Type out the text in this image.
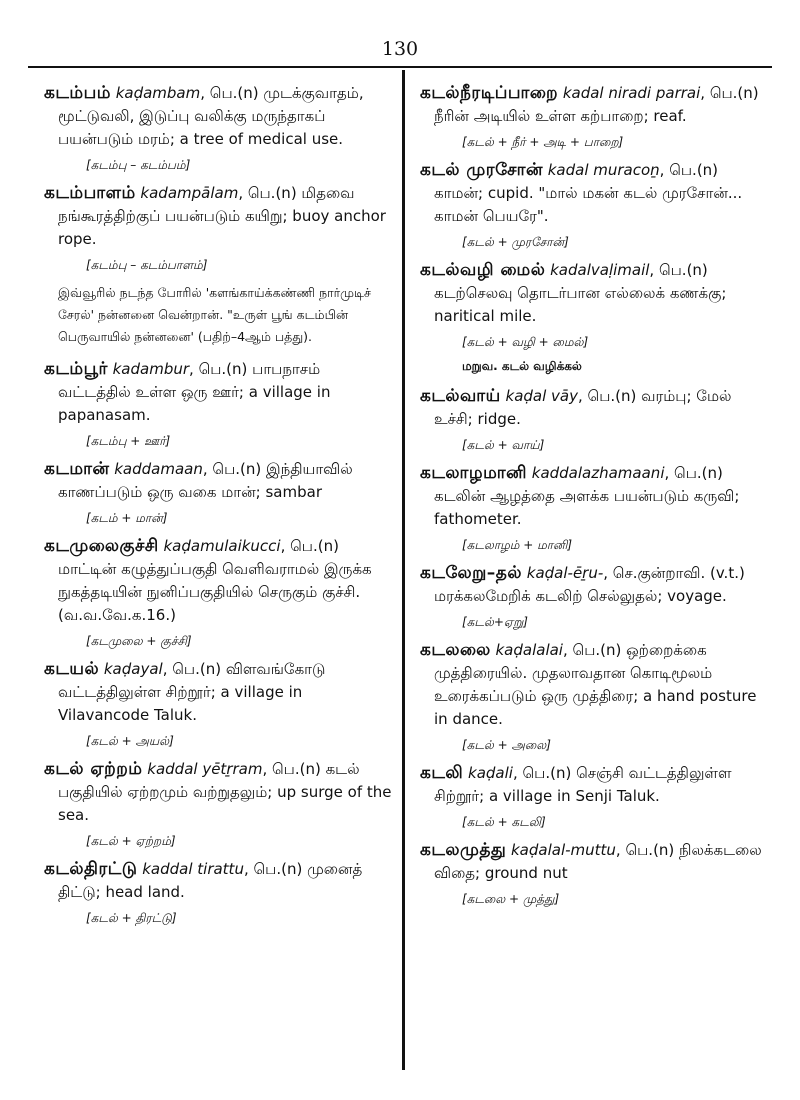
130

கடம்பம் kaḍambam, பெ.(n) முடக்குவாதம்,

மூட்டுவலி, இடுப்பு வலிக்கு மருந்தாகப் பயன்படும் மரம்; a tree of medical use.

[கடம்பு – கடம்பம்]

கடம்பாளம் kadampālam, பெ.(n) மிதவை

நங்கூரத்திற்குப் பயன்படும் கயிறு; buoy anchor rope.

[கடம்பு – கடம்பாளம்]

இவ்வூரில் நடந்த போரில் 'களங்காய்க்கண்ணி நார்முடிச் சேரல்' நன்னனை வென்றான். "உருள் பூங் கடம்பின் பெருவாயில் நன்னனை' (பதிற்–4ஆம் பத்து).

கடம்பூர் kadambur, பெ.(n) பாபநாசம்

வட்டத்தில் உள்ள ஒரு ஊர்; a village in papanasam.

[கடம்பு + ஊர்]

கடமான் kaddamaan, பெ.(n) இந்தியாவில்

காணப்படும் ஒரு வகை மான்; sambar

[கடம் + மான்]

கடமுலைகுச்சி kaḍamulaikucci, பெ.(n)

மாட்டின் கழுத்துப்பகுதி வெளிவராமல் இருக்க நுகத்தடியின் நுனிப்பகுதியில் செருகும் குச்சி. (வ.வ.வே.க.16.)

[கடமுலை + குச்சி]

கடயல் kaḍayal, பெ.(n) விளவங்கோடு

வட்டத்திலுள்ள சிற்றூர்; a village in Vilavancode Taluk.

[கடல் + அயல்]

கடல் ஏற்றம் kaddal yētṟram, பெ.(n) கடல்

பகுதியில் ஏற்றமும் வற்றுதலும்; up surge of the sea.

[கடல் + ஏற்றம்]

கடல்திரட்டு kaddal tirattu, பெ.(n) முனைத்

திட்டு; head land.

[கடல் + திரட்டு]

கடல்நீரடிப்பாறை kadal niradi parrai, பெ.(n)

நீரின் அடியில் உள்ள கற்பாறை; reaf.

[கடல் + நீர் + அடி + பாறை]

கடல் முரசோன் kadal muracoṉ, பெ.(n)

காமன்; cupid. "மால் மகன் கடல் முரசோன்... காமன் பெயரே".

[கடல் + முரசோன்]

கடல்வழி மைல் kadalvaḷimail, பெ.(n)

கடற்செலவு தொடர்பான எல்லைக் கணக்கு; naritical mile.

[கடல் + வழி + மைல்]
மறுவ. கடல் வழிக்கல்

கடல்வாய் kaḍal vāy, பெ.(n) வரம்பு; மேல்

உச்சி; ridge.

[கடல் + வாய்]

கடலாழமானி kaddalazhamaani, பெ.(n)

கடலின் ஆழத்தை அளக்க பயன்படும் கருவி; fathometer.

[கடலாழம் + மானி]

கடலேறு–தல் kaḍal-ēṟu-, செ.குன்றாவி. (v.t.)

மரக்கலமேறிக் கடலிற் செல்லுதல்; voyage.

[கடல்+ஏறு]

கடலலை kaḍalalai, பெ.(n) ஒற்றைக்கை

முத்திரையில். முதலாவதான கொடிமூலம் உரைக்கப்படும் ஒரு முத்திரை; a hand posture in dance.

[கடல் + அலை]

கடலி kaḍali, பெ.(n) செஞ்சி வட்டத்திலுள்ள

சிற்றூர்; a village in Senji Taluk.

[கடல் + கடலி]

கடலமுத்து kaḍalal-muttu, பெ.(n) நிலக்கடலை

விதை; ground nut

[கடலை + முத்து]
